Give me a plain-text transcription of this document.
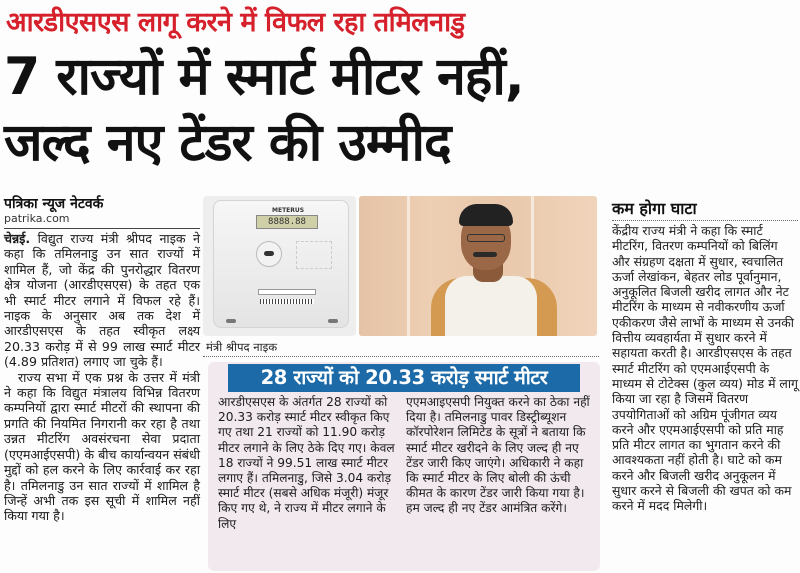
आरडीएसएस लागू करने में विफल रहा तमिलनाडु
7 राज्यों में स्मार्ट मीटर नहीं,
जल्द नए टेंडर की उम्मीद
पत्रिका न्यूज नेटवर्क
patrika.com

चेन्नई. विद्युत राज्य मंत्री श्रीपद नाइक ने कहा कि तमिलनाडु उन सात राज्यों में शामिल हैं, जो केंद्र की पुनरोद्धार वितरण क्षेत्र योजना (आरडीएसएस) के तहत एक भी स्मार्ट मीटर लगाने में विफल रहे हैं। नाइक के अनुसार अब तक देश में आरडीएसएस के तहत स्वीकृत लक्ष्य 20.33 करोड़ में से 99 लाख स्मार्ट मीटर (4.89 प्रतिशत) लगाए जा चुके हैं।

राज्य सभा में एक प्रश्न के उत्तर में मंत्री ने कहा कि विद्युत मंत्रालय विभिन्न वितरण कम्पनियों द्वारा स्मार्ट मीटरों की स्थापना की प्रगति की नियमित निगरानी कर रहा है तथा उन्नत मीटरिंग अवसंरचना सेवा प्रदाता (एएमआईएसपी) के बीच कार्यान्वयन संबंधी मुद्दों को हल करने के लिए कार्रवाई कर रहा है। तमिलनाडु उन सात राज्यों में शामिल है जिन्हें अभी तक इस सूची में शामिल नहीं किया गया है।

METERUS
8888.88
मंत्री श्रीपद नाइक
28 राज्यों को 20.33 करोड़ स्मार्ट मीटर
आरडीएसएस के अंतर्गत 28 राज्यों को 20.33 करोड़ स्मार्ट मीटर स्वीकृत किए गए तथा 21 राज्यों को 11.90 करोड़ मीटर लगाने के लिए ठेके दिए गए। केवल 18 राज्यों ने 99.51 लाख स्मार्ट मीटर लगाए हैं। तमिलनाडु, जिसे 3.04 करोड़ स्मार्ट मीटर (सबसे अधिक मंजूरी) मंजूर किए गए थे, ने राज्य में मीटर लगाने के लिए
एएमआइएसपी नियुक्त करने का ठेका नहीं दिया है। तमिलनाडु पावर डिस्ट्रीब्यूशन कॉरपोरेशन लिमिटेड के सूत्रों ने बताया कि स्मार्ट मीटर खरीदने के लिए जल्द ही नए टेंडर जारी किए जाएंगे। अधिकारी ने कहा कि स्मार्ट मीटर के लिए बोली की ऊंची कीमत के कारण टेंडर जारी किया गया है। हम जल्द ही नए टेंडर आमंत्रित करेंगे।
कम होगा घाटा

केंद्रीय राज्य मंत्री ने कहा कि स्मार्ट मीटरिंग, वितरण कम्पनियों को बिलिंग और संग्रहण दक्षता में सुधार, स्वचालित ऊर्जा लेखांकन, बेहतर लोड पूर्वानुमान, अनुकूलित बिजली खरीद लागत और नेट मीटरिंग के माध्यम से नवीकरणीय ऊर्जा एकीकरण जैसे लाभों के माध्यम से उनकी वित्तीय व्यवहार्यता में सुधार करने में सहायता करती है। आरडीएसएस के तहत स्मार्ट मीटरिंग को एएमआईएसपी के माध्यम से टोटेक्स (कुल व्यय) मोड में लागू किया जा रहा है जिसमें वितरण उपयोगिताओं को अग्रिम पूंजीगत व्यय करने और एएमआईएसपी को प्रति माह प्रति मीटर लागत का भुगतान करने की आवश्यकता नहीं होती है। घाटे को कम करने और बिजली खरीद अनुकूलन में सुधार करने से बिजली की खपत को कम करने में मदद मिलेगी।
